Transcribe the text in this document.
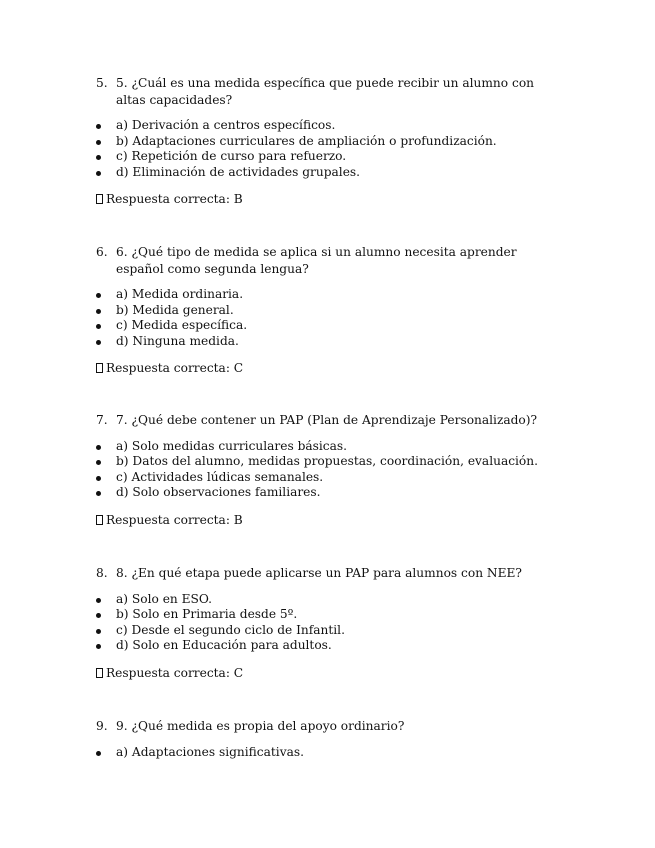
5. 5. ¿Cuál es una medida específica que puede recibir un alumno con altas capacidades?
a) Derivación a centros específicos.
b) Adaptaciones curriculares de ampliación o profundización.
c) Repetición de curso para refuerzo.
d) Eliminación de actividades grupales.
Respuesta correcta: B
6. 6. ¿Qué tipo de medida se aplica si un alumno necesita aprender español como segunda lengua?
a) Medida ordinaria.
b) Medida general.
c) Medida específica.
d) Ninguna medida.
Respuesta correcta: C
7. 7. ¿Qué debe contener un PAP (Plan de Aprendizaje Personalizado)?
a) Solo medidas curriculares básicas.
b) Datos del alumno, medidas propuestas, coordinación, evaluación.
c) Actividades lúdicas semanales.
d) Solo observaciones familiares.
Respuesta correcta: B
8. 8. ¿En qué etapa puede aplicarse un PAP para alumnos con NEE?
a) Solo en ESO.
b) Solo en Primaria desde 5º.
c) Desde el segundo ciclo de Infantil.
d) Solo en Educación para adultos.
Respuesta correcta: C
9. 9. ¿Qué medida es propia del apoyo ordinario?
a) Adaptaciones significativas.
